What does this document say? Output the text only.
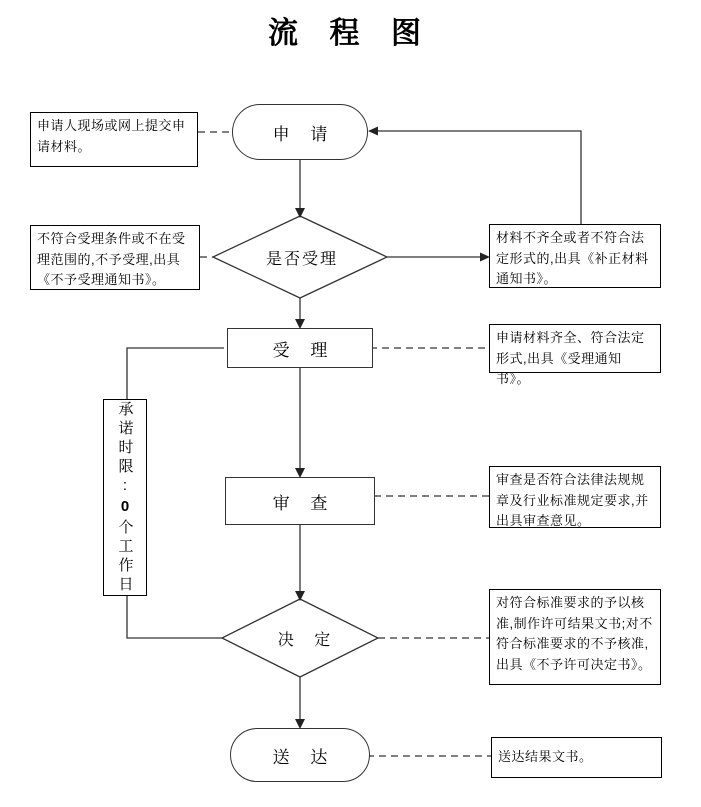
流 程 图
申请人现场或网上提交申请材料。
材料不齐全或者不符合法定形式的,出具《补正材料通知书》。
不符合受理条件或不在受理范围的,不予受理,出具《不予受理通知书》。
申请材料齐全、符合法定形式,出具《受理通知书》。
审查是否符合法律法规规章及行业标准规定要求,并出具审查意见。
对符合标准要求的予以核准,制作许可结果文书;对不符合标准要求的不予核准,出具《不予许可决定书》。
送达结果文书。
申 请
是否受理
受 理
承诺时限:0个工作日
审 查
决 定
送 达
